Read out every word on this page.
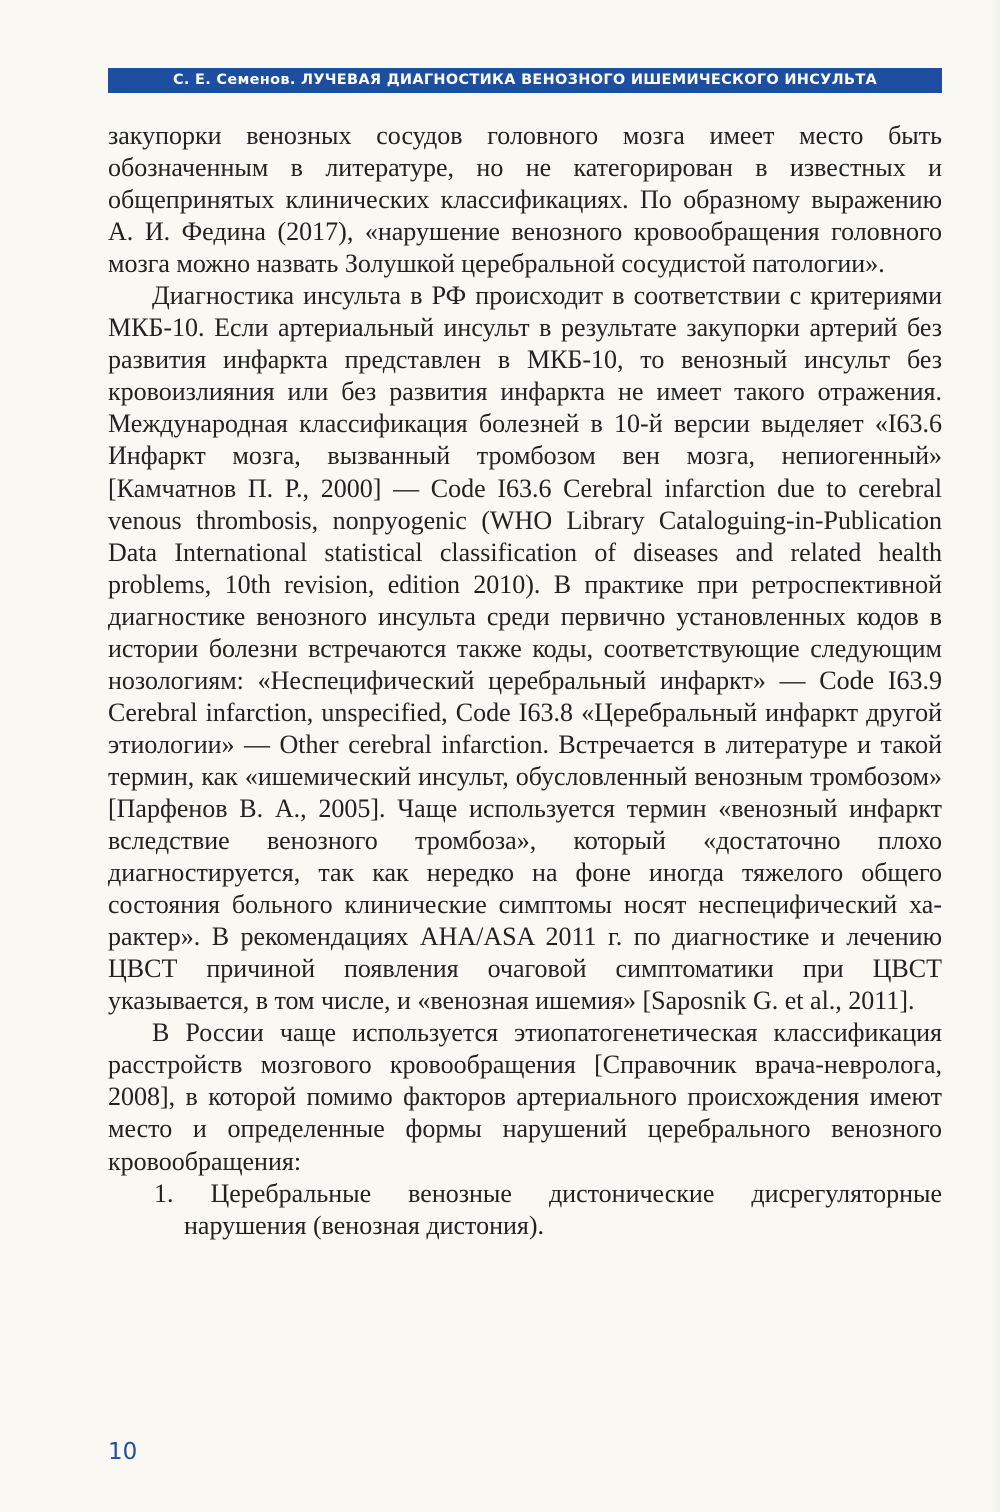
С. Е. Семенов. ЛУЧЕВАЯ ДИАГНОСТИКА ВЕНОЗНОГО ИШЕМИЧЕСКОГО ИНСУЛЬТА

закупорки венозных сосудов головного мозга имеет место быть обозначенным в литературе, но не категорирован в известных и общепринятых клинических классификациях. По образному выражению А. И. Федина (2017), «нарушение венозного кровообращения головного мозга можно назвать Золушкой церебральной сосудистой патологии».

Диагностика инсульта в РФ происходит в соответствии с критериями МКБ-10. Если артериальный инсульт в результате закупорки артерий без развития инфаркта представлен в МКБ-10, то венозный инсульт без кровоизлияния или без развития инфаркта не имеет такого отражения. Международная классификация болезней в 10-й версии выделяет «I63.6 Инфаркт мозга, вызванный тромбозом вен мозга, непиогенный» [Камчатнов П. Р., 2000] — Code I63.6 Cerebral infarction due to cerebral venous thrombosis, nonpyogenic (WHO Library Cataloguing-in-Publication Data International statistical classification of diseases and related health problems, 10th revision, edition 2010). В практике при ретроспективной диагностике венозного инсульта среди первично установленных кодов в истории болезни встречаются также коды, соответствующие следующим нозологиям: «Неспецифический церебральный инфаркт» — Code I63.9 Cerebral infarction, unspecified, Code I63.8 «Церебральный инфаркт другой этиологии» — Other cerebral infarction. Встречается в литературе и такой термин, как «ишемический инсульт, обусловленный венозным тромбозом» [Парфенов В. А., 2005]. Чаще используется термин «венозный инфаркт вследствие венозного тромбоза», который «достаточно плохо диагностируется, так как нередко на фоне иногда тяжелого общего состояния больного клинические симптомы носят неспецифический характер». В рекомендациях AHA/ASA 2011 г. по диагностике и лечению ЦВСТ причиной появления очаговой симптоматики при ЦВСТ указывается, в том числе, и «венозная ишемия» [Saposnik G. et al., 2011].

В России чаще используется этиопатогенетическая классификация расстройств мозгового кровообращения [Справочник врача-невролога, 2008], в которой помимо факторов артериального происхождения имеют место и определенные формы нарушений церебрального венозного кровообращения:

1. Церебральные венозные дистонические дисрегуляторные нарушения (венозная дистония).

10
